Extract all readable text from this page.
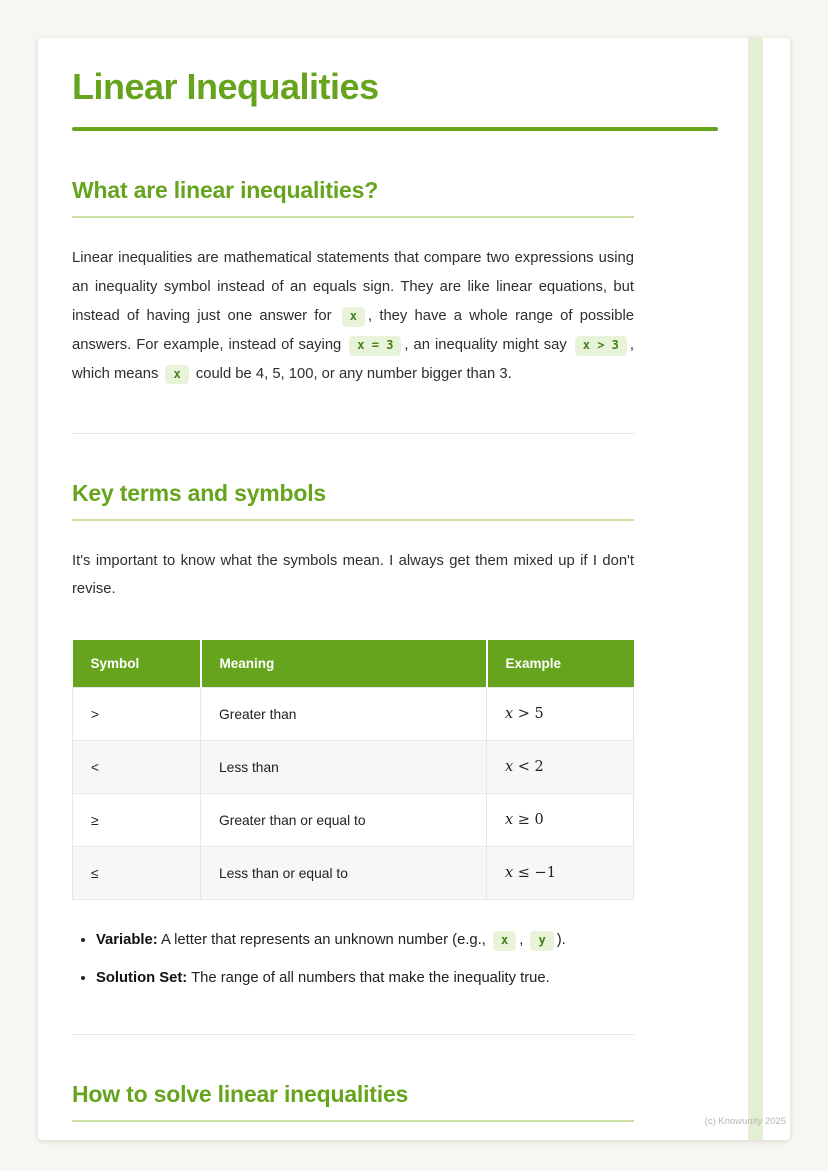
Linear Inequalities
What are linear inequalities?

Linear inequalities are mathematical statements that compare two expressions using an inequality symbol instead of an equals sign. They are like linear equations, but instead of having just one answer for x , they have a whole range of possible answers. For example, instead of saying x = 3 , an inequality might say x > 3 , which means x could be 4, 5, 100, or any number bigger than 3.

Key terms and symbols

It's important to know what the symbols mean. I always get them mixed up if I don't revise.

Symbol	Meaning	Example
>	Greater than	x > 5
<	Less than	x < 2
≥	Greater than or equal to	x ≥ 0
≤	Less than or equal to	x ≤ −1
• Variable: A letter that represents an unknown number (e.g., x , y ).
• Solution Set: The range of all numbers that make the inequality true.
How to solve linear inequalities
(c) Knowunity 2025
